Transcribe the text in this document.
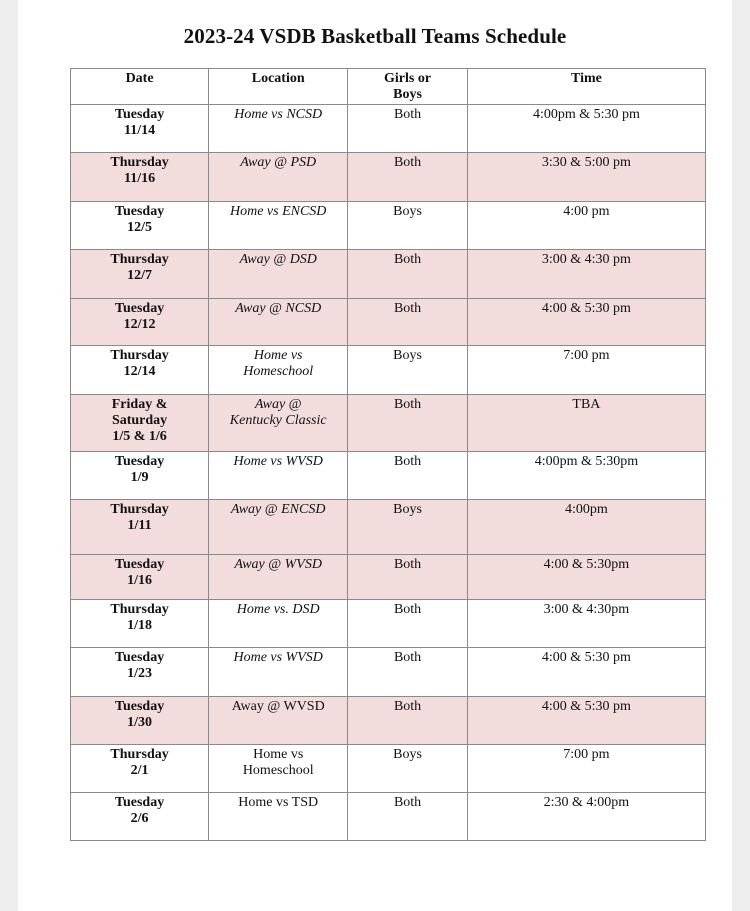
2023-24 VSDB Basketball Teams Schedule
Date	Location	Girls or
Boys	Time
Tuesday
11/14	Home vs NCSD	Both	4:00pm & 5:30 pm
Thursday
11/16	Away @ PSD	Both	3:30 & 5:00 pm
Tuesday
12/5	Home vs ENCSD	Boys	4:00 pm
Thursday
12/7	Away @ DSD	Both	3:00 & 4:30 pm
Tuesday
12/12	Away @ NCSD	Both	4:00 & 5:30 pm
Thursday
12/14	Home vs
Homeschool	Boys	7:00 pm
Friday &
Saturday
1/5 & 1/6	Away @
Kentucky Classic	Both	TBA
Tuesday
1/9	Home vs WVSD	Both	4:00pm & 5:30pm
Thursday
1/11	Away @ ENCSD	Boys	4:00pm
Tuesday
1/16	Away @ WVSD	Both	4:00 & 5:30pm
Thursday
1/18	Home vs. DSD	Both	3:00 & 4:30pm
Tuesday
1/23	Home vs WVSD	Both	4:00 & 5:30 pm
Tuesday
1/30	Away @ WVSD	Both	4:00 & 5:30 pm
Thursday
2/1	Home vs
Homeschool	Boys	7:00 pm
Tuesday
2/6	Home vs TSD	Both	2:30 & 4:00pm
